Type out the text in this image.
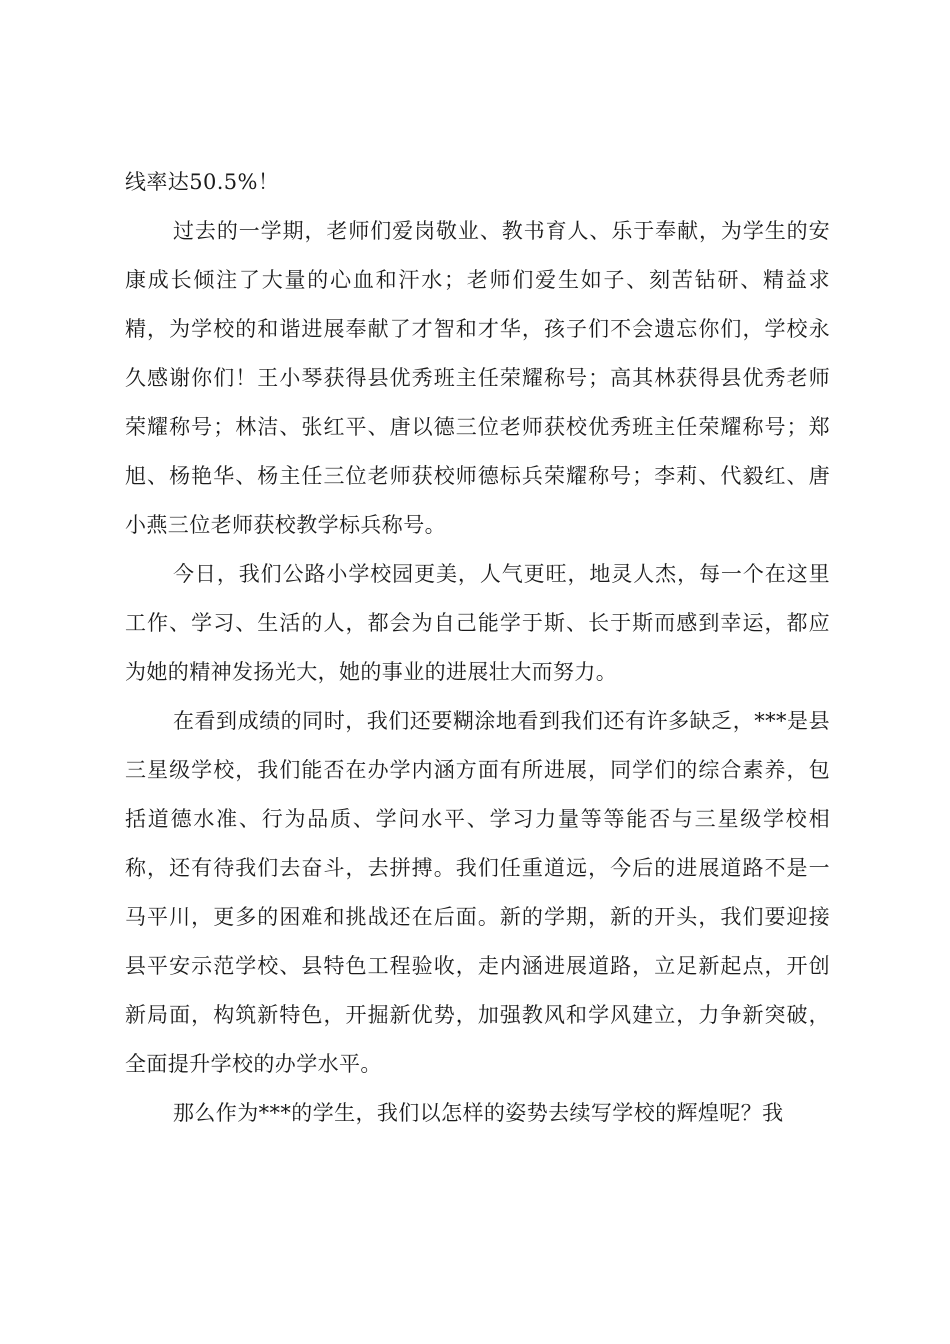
线率达50.5%！

过去的一学期，老师们爱岗敬业、教书育人、乐于奉献，为学生的安康成长倾注了大量的心血和汗水；老师们爱生如子、刻苦钻研、精益求精，为学校的和谐进展奉献了才智和才华，孩子们不会遗忘你们，学校永久感谢你们！王小琴获得县优秀班主任荣耀称号；高其林获得县优秀老师荣耀称号；林洁、张红平、唐以德三位老师获校优秀班主任荣耀称号；郑旭、杨艳华、杨主任三位老师获校师德标兵荣耀称号；李莉、代毅红、唐小燕三位老师获校教学标兵称号。

今日，我们公路小学校园更美，人气更旺，地灵人杰，每一个在这里工作、学习、生活的人，都会为自己能学于斯、长于斯而感到幸运，都应为她的精神发扬光大，她的事业的进展壮大而努力。

在看到成绩的同时，我们还要糊涂地看到我们还有许多缺乏，***是县三星级学校，我们能否在办学内涵方面有所进展，同学们的综合素养，包括道德水准、行为品质、学问水平、学习力量等等能否与三星级学校相称，还有待我们去奋斗，去拼搏。我们任重道远，今后的进展道路不是一马平川，更多的困难和挑战还在后面。新的学期，新的开头，我们要迎接县平安示范学校、县特色工程验收，走内涵进展道路，立足新起点，开创新局面，构筑新特色，开掘新优势，加强教风和学风建立，力争新突破，全面提升学校的办学水平。

那么作为***的学生，我们以怎样的姿势去续写学校的辉煌呢？我
